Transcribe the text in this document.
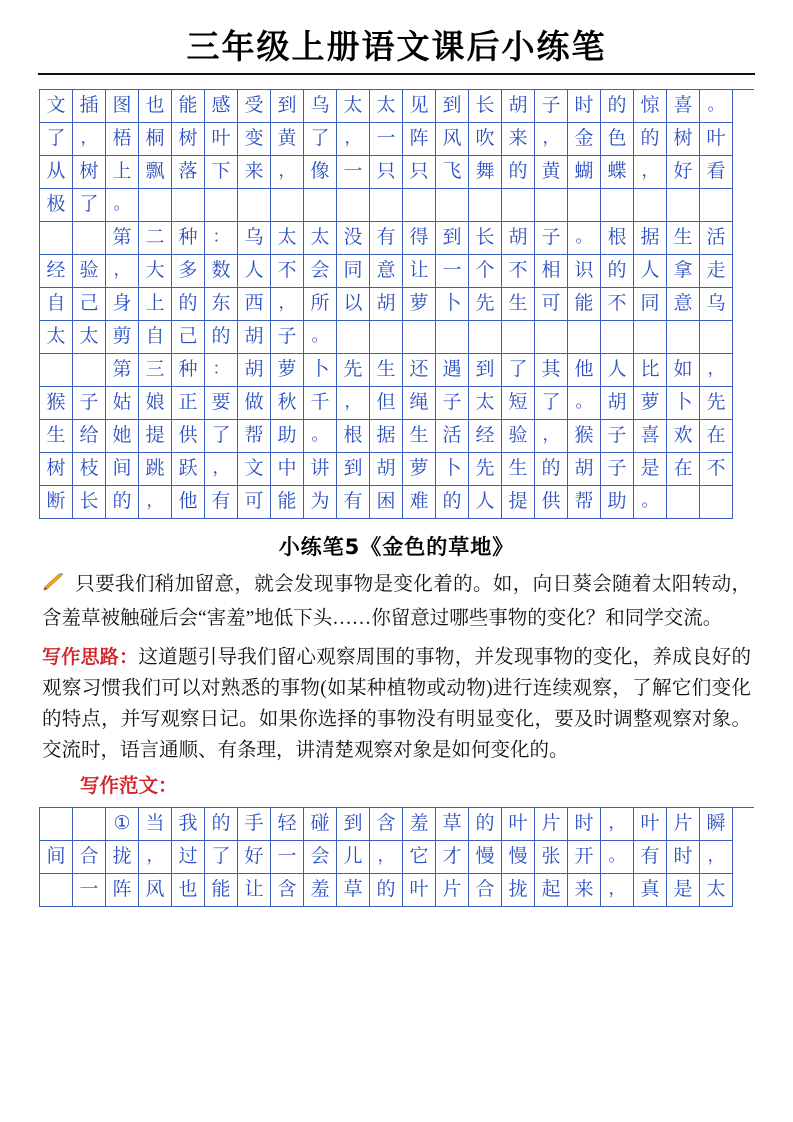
三年级上册语文课后小练笔
文 插 图 也 能 感 受 到 乌 太 太 见 到 长 胡 子 时 的 惊 喜 。
了 ， 梧 桐 树 叶 变 黄 了 ， 一 阵 风 吹 来 ， 金 色 的 树 叶
从 树 上 飘 落 下 来 ， 像 一 只 只 飞 舞 的 黄 蝴 蝶 ， 好 看
极 了 。
第 二 种 ： 乌 太 太 没 有 得 到 长 胡 子 。 根 据 生 活
经 验 ， 大 多 数 人 不 会 同 意 让 一 个 不 相 识 的 人 拿 走
自 己 身 上 的 东 西 ， 所 以 胡 萝 卜 先 生 可 能 不 同 意 乌
太 太 剪 自 己 的 胡 子 。
第 三 种 ： 胡 萝 卜 先 生 还 遇 到 了 其 他 人 比 如 ，
猴 子 姑 娘 正 要 做 秋 千 ， 但 绳 子 太 短 了 。 胡 萝 卜 先
生 给 她 提 供 了 帮 助 。 根 据 生 活 经 验 ， 猴 子 喜 欢 在
树 枝 间 跳 跃 ， 文 中 讲 到 胡 萝 卜 先 生 的 胡 子 是 在 不
断 长 的 ， 他 有 可 能 为 有 困 难 的 人 提 供 帮 助 。
小练笔5《金色的草地》

只要我们稍加留意，就会发现事物是变化着的。如，向日葵会随着太阳转动，含羞草被触碰后会“害羞”地低下头……你留意过哪些事物的变化？和同学交流。

写作思路：这道题引导我们留心观察周围的事物，并发现事物的变化，养成良好的观察习惯我们可以对熟悉的事物(如某种植物或动物)进行连续观察，了解它们变化的特点，并写观察日记。如果你选择的事物没有明显变化，要及时调整观察对象。交流时，语言通顺、有条理，讲清楚观察对象是如何变化的。

写作范文：
① 当 我 的 手 轻 碰 到 含 羞 草 的 叶 片 时 ， 叶 片 瞬
间 合 拢 ， 过 了 好 一 会 儿 ， 它 才 慢 慢 张 开 。 有 时 ，
一 阵 风 也 能 让 含 羞 草 的 叶 片 合 拢 起 来 ， 真 是 太
